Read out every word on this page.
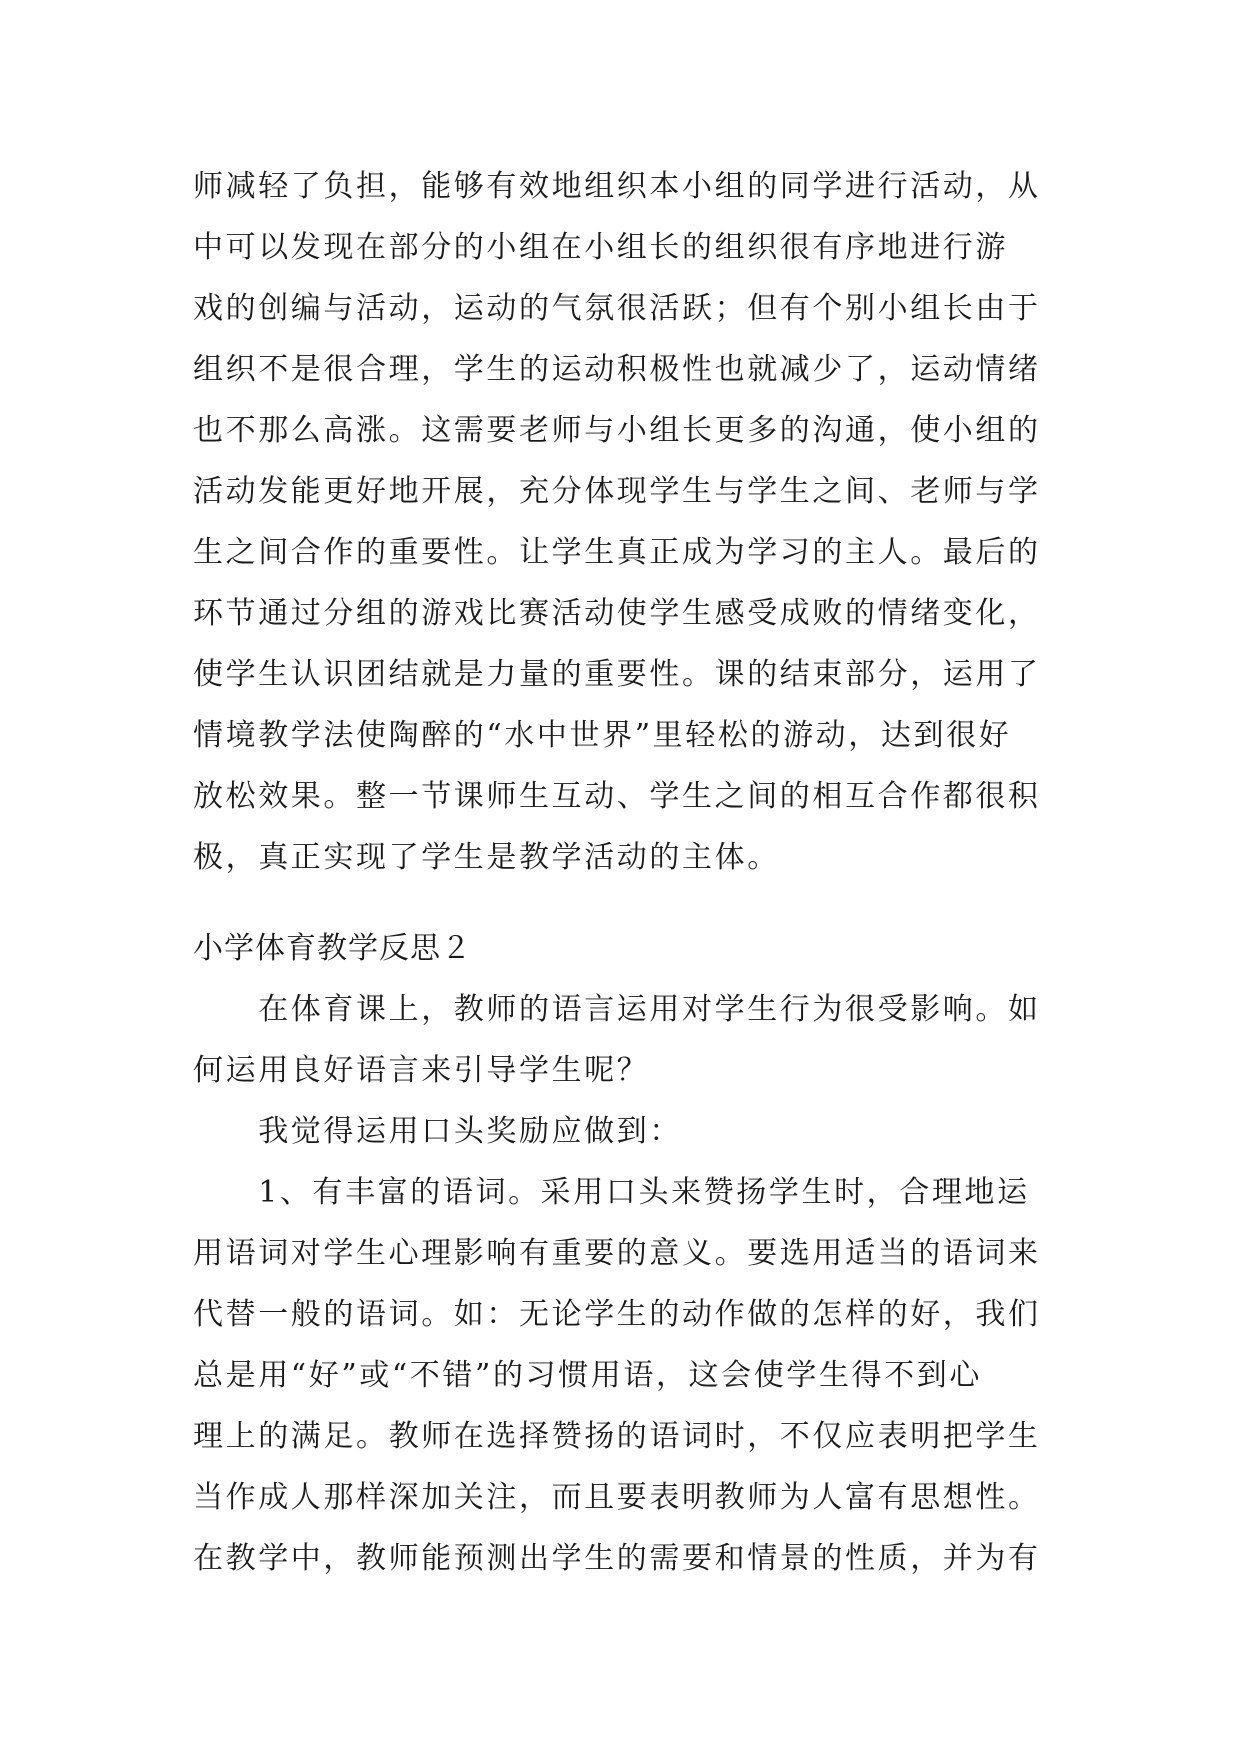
师减轻了负担，能够有效地组织本小组的同学进行活动，从
中可以发现在部分的小组在小组长的组织很有序地进行游
戏的创编与活动，运动的气氛很活跃；但有个别小组长由于
组织不是很合理，学生的运动积极性也就减少了，运动情绪
也不那么高涨。这需要老师与小组长更多的沟通，使小组的
活动发能更好地开展，充分体现学生与学生之间、老师与学
生之间合作的重要性。让学生真正成为学习的主人。最后的
环节通过分组的游戏比赛活动使学生感受成败的情绪变化，
使学生认识团结就是力量的重要性。课的结束部分，运用了
情境教学法使陶醉的“水中世界”里轻松的游动，达到很好
放松效果。整一节课师生互动、学生之间的相互合作都很积
极，真正实现了学生是教学活动的主体。
小学体育教学反思２
　　在体育课上，教师的语言运用对学生行为很受影响。如
何运用良好语言来引导学生呢？
　　我觉得运用口头奖励应做到：
　　1、有丰富的语词。采用口头来赞扬学生时，合理地运
用语词对学生心理影响有重要的意义。要选用适当的语词来
代替一般的语词。如：无论学生的动作做的怎样的好，我们
总是用“好”或“不错”的习惯用语，这会使学生得不到心
理上的满足。教师在选择赞扬的语词时，不仅应表明把学生
当作成人那样深加关注，而且要表明教师为人富有思想性。
在教学中，教师能预测出学生的需要和情景的性质，并为有
